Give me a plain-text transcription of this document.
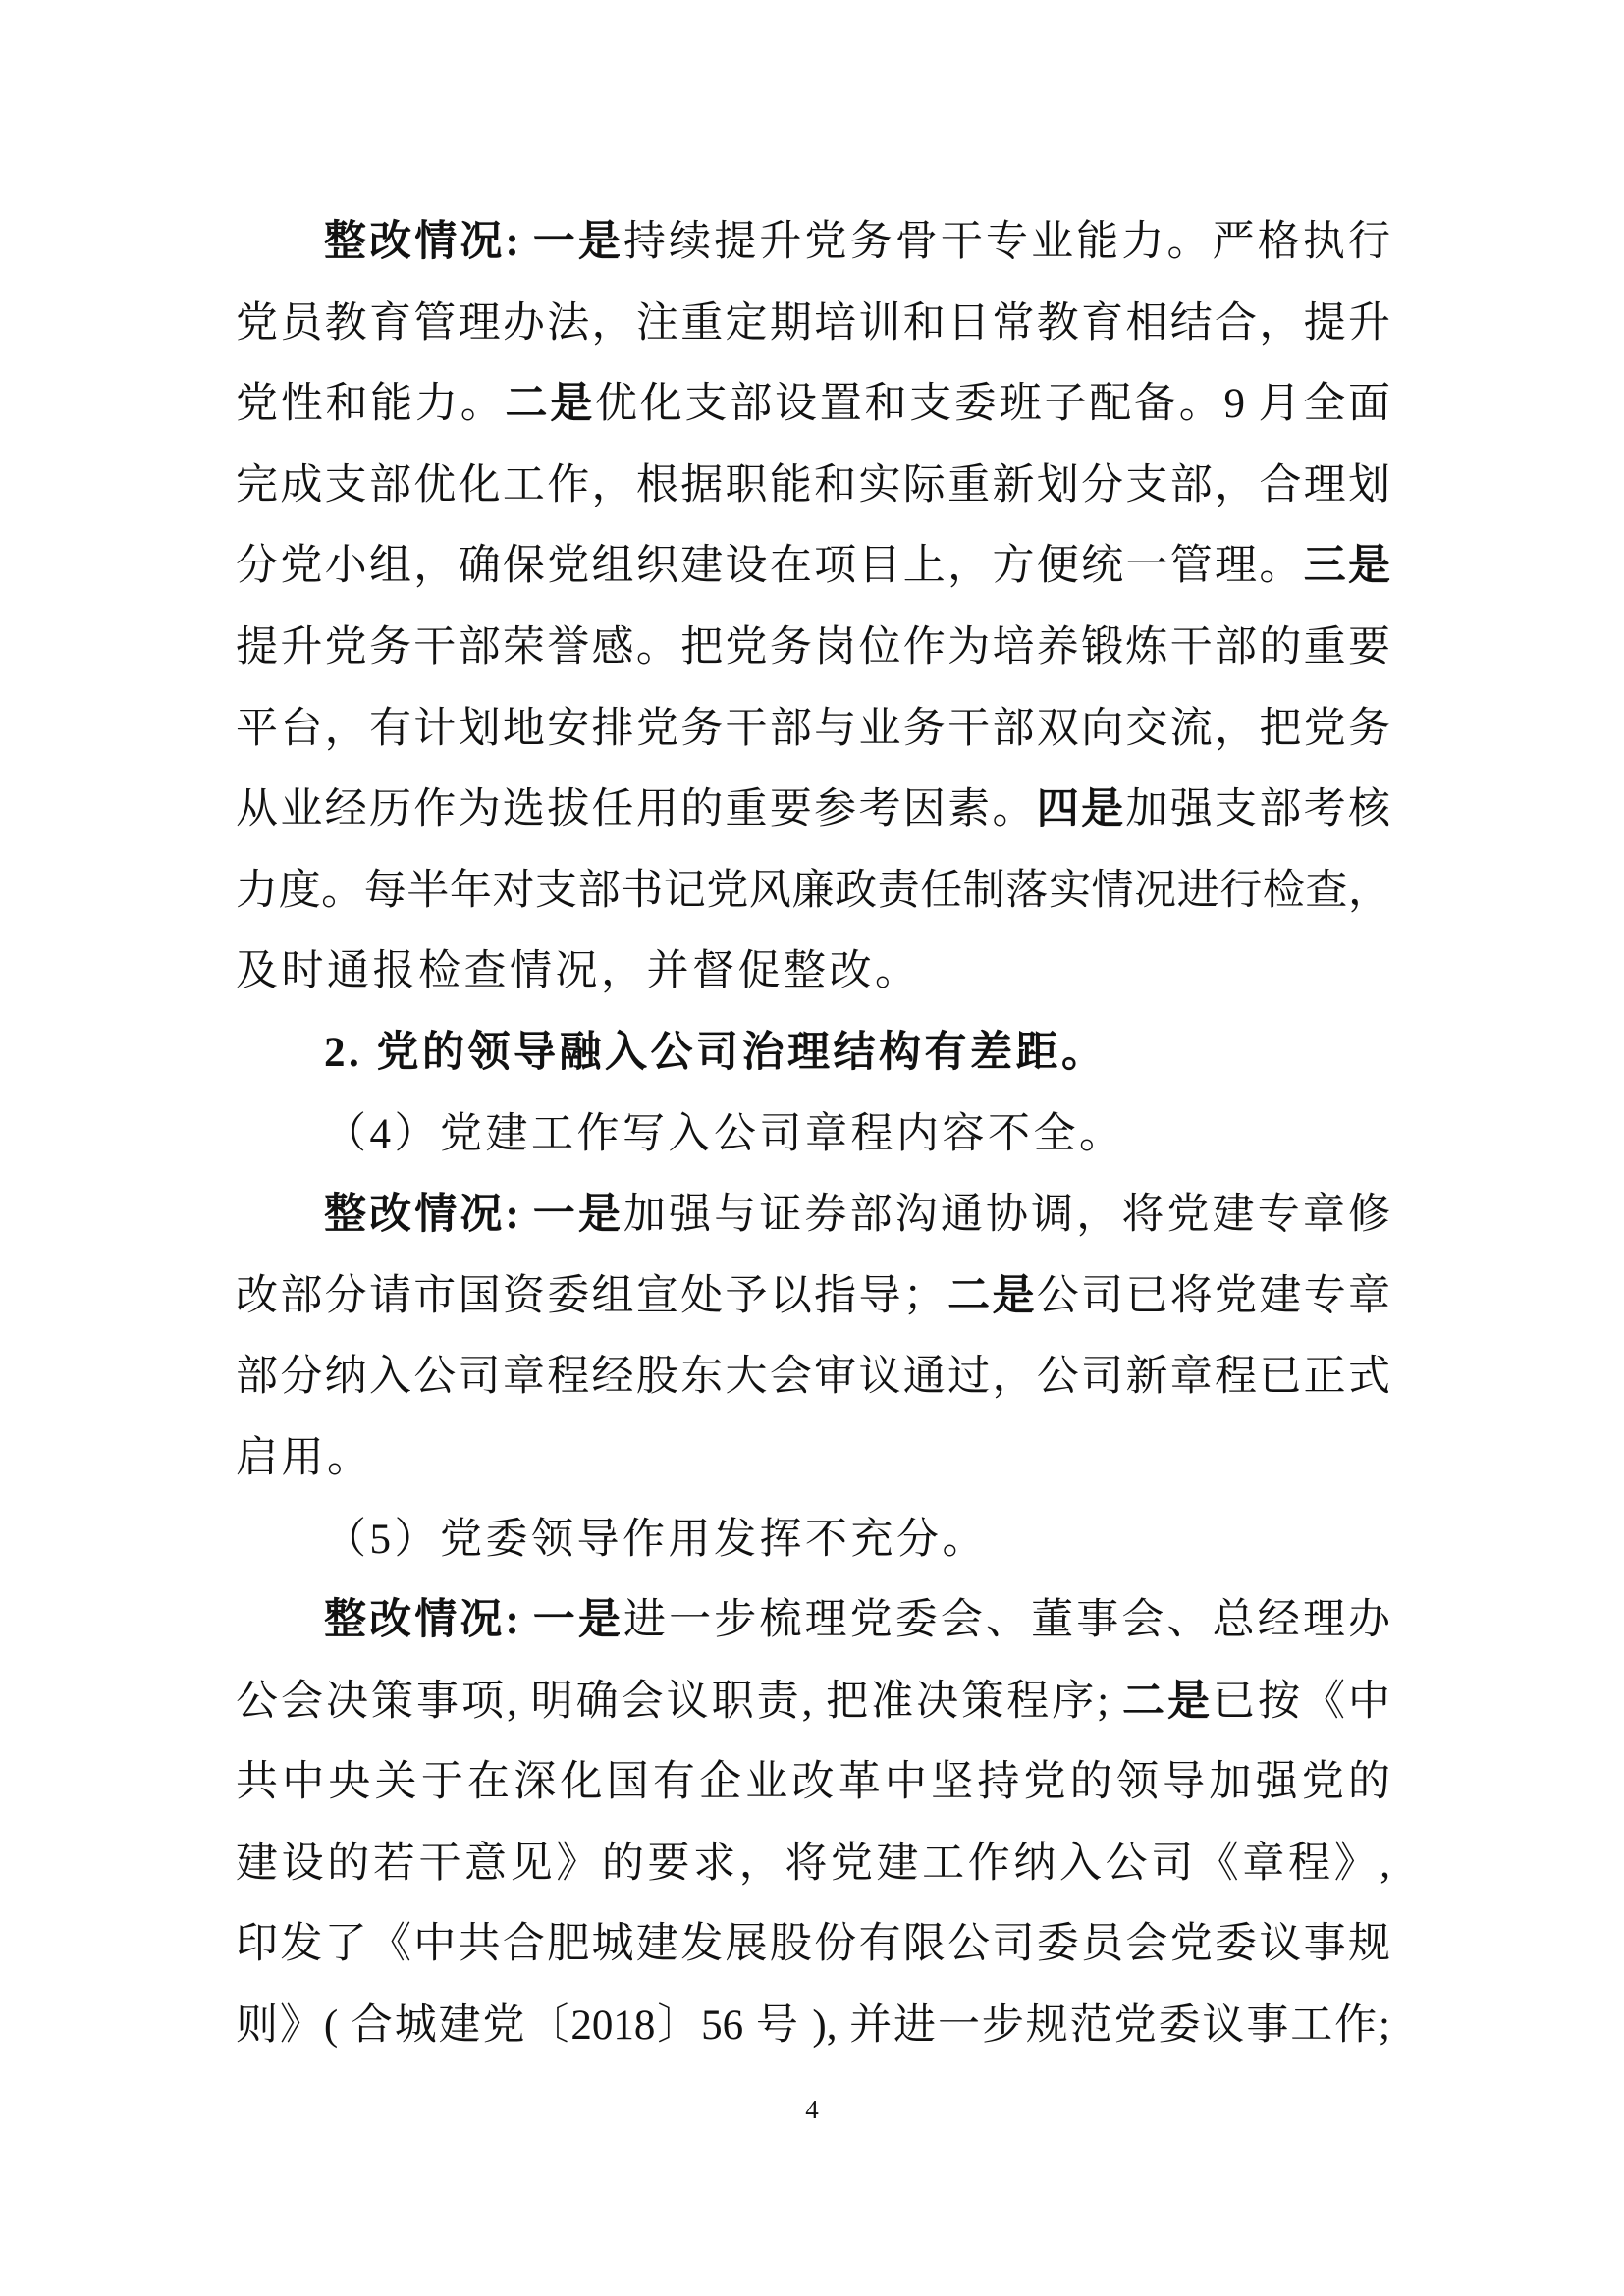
整改情况: 一是持续提升党务骨干专业能力。严格执行
党员教育管理办法，注重定期培训和日常教育相结合，提升
党性和能力。二是优化支部设置和支委班子配备。9 月全面
完成支部优化工作，根据职能和实际重新划分支部，合理划
分党小组，确保党组织建设在项目上，方便统一管理。三是
提升党务干部荣誉感。把党务岗位作为培养锻炼干部的重要
平台，有计划地安排党务干部与业务干部双向交流，把党务
从业经历作为选拔任用的重要参考因素。四是加强支部考核
力度。每半年对支部书记党风廉政责任制落实情况进行检查，
及时通报检查情况，并督促整改。
2. 党的领导融入公司治理结构有差距。
（4）党建工作写入公司章程内容不全。
整改情况: 一是加强与证券部沟通协调，将党建专章修
改部分请市国资委组宣处予以指导；二是公司已将党建专章
部分纳入公司章程经股东大会审议通过，公司新章程已正式
启用。
（5）党委领导作用发挥不充分。
整改情况: 一是进一步梳理党委会、董事会、总经理办
公会决策事项, 明确会议职责, 把准决策程序; 二是已按《中
共中央关于在深化国有企业改革中坚持党的领导加强党的
建设的若干意见》的要求，将党建工作纳入公司《章程》,
印发了《中共合肥城建发展股份有限公司委员会党委议事规
则》( 合城建党〔2018〕56 号 ), 并进一步规范党委议事工作;
4
